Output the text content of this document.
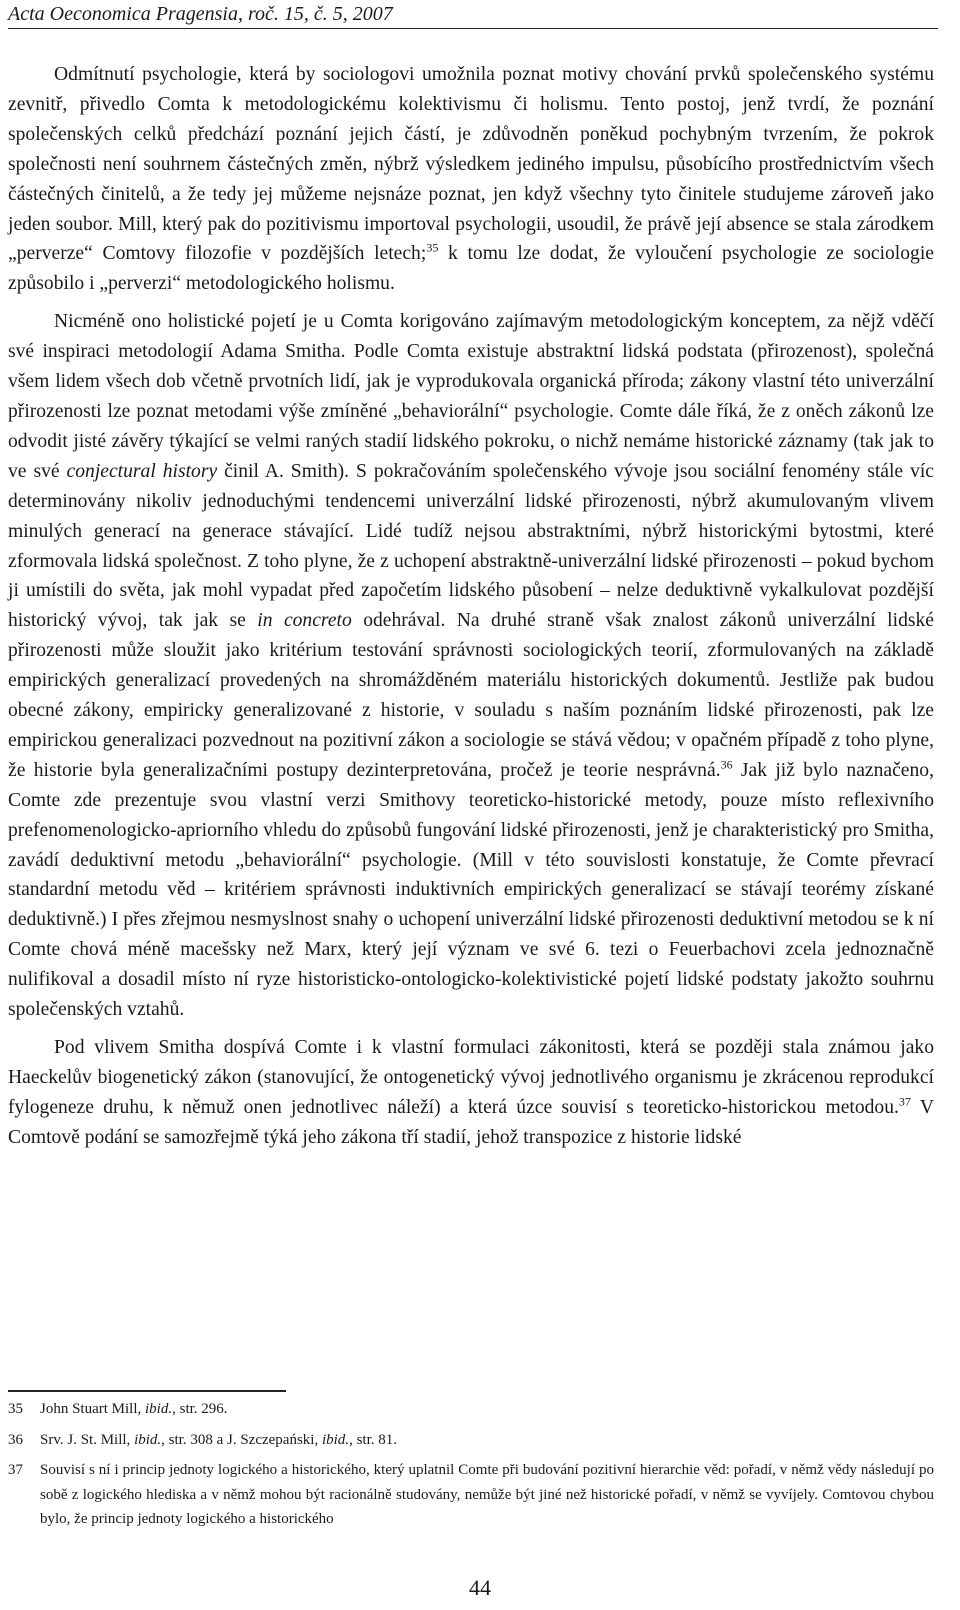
Acta Oeconomica Pragensia, roč. 15, č. 5, 2007

Odmítnutí psychologie, která by sociologovi umožnila poznat motivy chování prvků společenského systému zevnitř, přivedlo Comta k metodologickému kolektivismu či holismu. Tento postoj, jenž tvrdí, že poznání společenských celků předchází poznání jejich částí, je zdůvodněn poněkud pochybným tvrzením, že pokrok společnosti není souhrnem částečných změn, nýbrž výsledkem jediného impulsu, působícího prostřednictvím všech částečných činitelů, a že tedy jej můžeme nejsnáze poznat, jen když všechny tyto činitele studujeme zároveň jako jeden soubor. Mill, který pak do pozitivismu importoval psychologii, usoudil, že právě její absence se stala zárodkem „perverze“ Comtovy filozofie v pozdějších letech;$^{35}$ k tomu lze dodat, že vyloučení psychologie ze sociologie způsobilo i „perverzi“ metodologického holismu.

Nicméně ono holistické pojetí je u Comta korigováno zajímavým metodologickým konceptem, za nějž vděčí své inspiraci metodologií Adama Smitha. Podle Comta existuje abstraktní lidská podstata (přirozenost), společná všem lidem všech dob včetně prvotních lidí, jak je vyprodukovala organická příroda; zákony vlastní této univerzální přirozenosti lze poznat metodami výše zmíněné „behaviorální“ psychologie. Comte dále říká, že z oněch zákonů lze odvodit jisté závěry týkající se velmi raných stadií lidského pokroku, o nichž nemáme historické záznamy (tak jak to ve své conjectural history činil A. Smith). S pokračováním společenského vývoje jsou sociální fenomény stále víc determinovány nikoliv jednoduchými tendencemi univerzální lidské přirozenosti, nýbrž akumulovaným vlivem minulých generací na generace stávající. Lidé tudíž nejsou abstraktními, nýbrž historickými bytostmi, které zformovala lidská společnost. Z toho plyne, že z uchopení abstraktně-univerzální lidské přirozenosti – pokud bychom ji umístili do světa, jak mohl vypadat před započetím lidského působení – nelze deduktivně vykalkulovat pozdější historický vývoj, tak jak se in concreto odehrával. Na druhé straně však znalost zákonů univerzální lidské přirozenosti může sloužit jako kritérium testování správnosti sociologických teorií, zformulovaných na základě empirických generalizací provedených na shromážděném materiálu historických dokumentů. Jestliže pak budou obecné zákony, empiricky generalizované z historie, v souladu s naším poznáním lidské přirozenosti, pak lze empirickou generalizaci pozvednout na pozitivní zákon a sociologie se stává vědou; v opačném případě z toho plyne, že historie byla generalizačními postupy dezinterpretována, pročež je teorie nesprávná.$^{36}$ Jak již bylo naznačeno, Comte zde prezentuje svou vlastní verzi Smithovy teoreticko-historické metody, pouze místo reflexivního prefenomenologicko-apriorního vhledu do způsobů fungování lidské přirozenosti, jenž je charakteristický pro Smitha, zavádí deduktivní metodu „behaviorální“ psychologie. (Mill v této souvislosti konstatuje, že Comte převrací standardní metodu věd – kritériem správnosti induktivních empirických generalizací se stávají teorémy získané deduktivně.) I přes zřejmou nesmyslnost snahy o uchopení univerzální lidské přirozenosti deduktivní metodou se k ní Comte chová méně macešsky než Marx, který její význam ve své 6. tezi o Feuerbachovi zcela jednoznačně nulifikoval a dosadil místo ní ryze historisticko-ontologicko-kolektivistické pojetí lidské podstaty jakožto souhrnu společenských vztahů.

Pod vlivem Smitha dospívá Comte i k vlastní formulaci zákonitosti, která se později stala známou jako Haeckelův biogenetický zákon (stanovující, že ontogenetický vývoj jednotlivého organismu je zkrácenou reprodukcí fylogeneze druhu, k němuž onen jednotlivec náleží) a která úzce souvisí s teoreticko-historickou metodou.$^{37}$ V Comtově podání se samozřejmě týká jeho zákona tří stadií, jehož transpozice z historie lidské

35	John Stuart Mill, ibid., str. 296.
36	Srv. J. St. Mill, ibid., str. 308 a J. Szczepański, ibid., str. 81.
37	Souvisí s ní i princip jednoty logického a historického, který uplatnil Comte při budování pozitivní hierarchie věd: pořadí, v němž vědy následují po sobě z logického hlediska a v němž mohou být racionálně studovány, nemůže být jiné než historické pořadí, v němž se vyvíjely. Comtovou chybou bylo, že princip jednoty logického a historického
44
